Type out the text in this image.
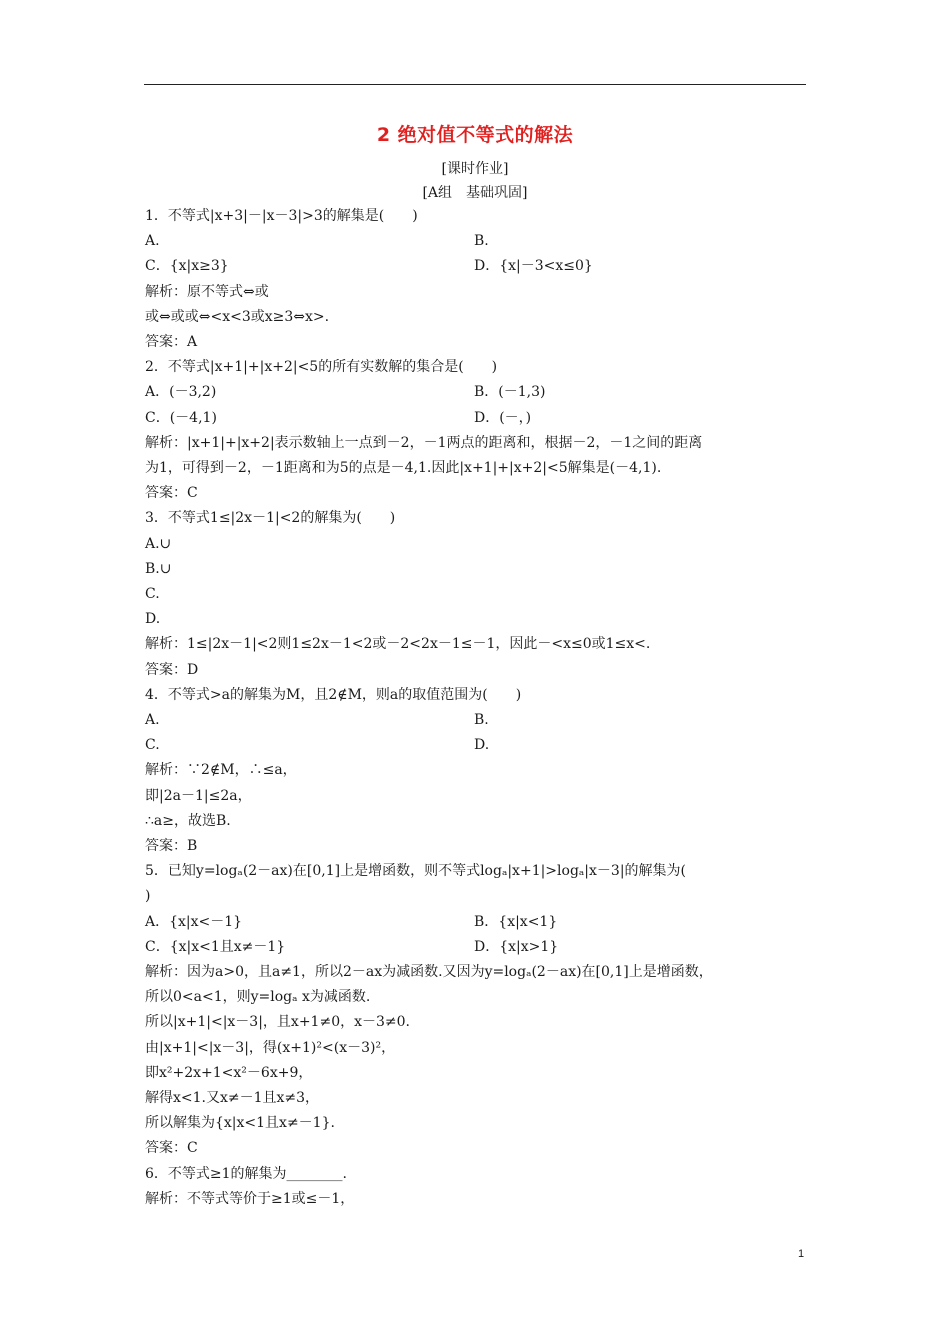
2 绝对值不等式的解法
[课时作业]
[A组　基础巩固]
1．不等式|x+3|－|x－3|>3的解集是(　　)
A.	B.
C．{x|x≥3}	D．{x|－3<x≤0}
解析：原不等式⇔或
或⇔或或⇔<x<3或x≥3⇔x>.
答案：A
2．不等式|x+1|+|x+2|<5的所有实数解的集合是(　　)
A．(－3,2)	B．(－1,3)
C．(－4,1)	D．(－，)
解析：|x+1|+|x+2|表示数轴上一点到－2，－1两点的距离和，根据－2，－1之间的距离
为1，可得到－2，－1距离和为5的点是－4,1.因此|x+1|+|x+2|<5解集是(－4,1).
答案：C
3．不等式1≤|2x－1|<2的解集为(　　)
A.∪
B.∪
C.
D.
解析：1≤|2x－1|<2则1≤2x－1<2或－2<2x－1≤－1，因此－<x≤0或1≤x<.
答案：D
4．不等式>a的解集为M，且2∉M，则a的取值范围为(　　)
A.	B.
C.	D.
解析：∵2∉M，∴≤a，
即|2a－1|≤2a，
∴a≥，故选B.
答案：B
5．已知y=logₐ(2－ax)在[0,1]上是增函数，则不等式logₐ|x+1|>logₐ|x－3|的解集为(
)
A．{x|x<－1}	B．{x|x<1}
C．{x|x<1且x≠－1}	D．{x|x>1}
解析：因为a>0，且a≠1，所以2－ax为减函数.又因为y=logₐ(2－ax)在[0,1]上是增函数，
所以0<a<1，则y=logₐ x为减函数.
所以|x+1|<|x－3|，且x+1≠0，x－3≠0.
由|x+1|<|x－3|，得(x+1)²<(x－3)²，
即x²+2x+1<x²－6x+9，
解得x<1.又x≠－1且x≠3，
所以解集为{x|x<1且x≠－1}.
答案：C
6．不等式≥1的解集为________.
解析：不等式等价于≥1或≤－1，
1
